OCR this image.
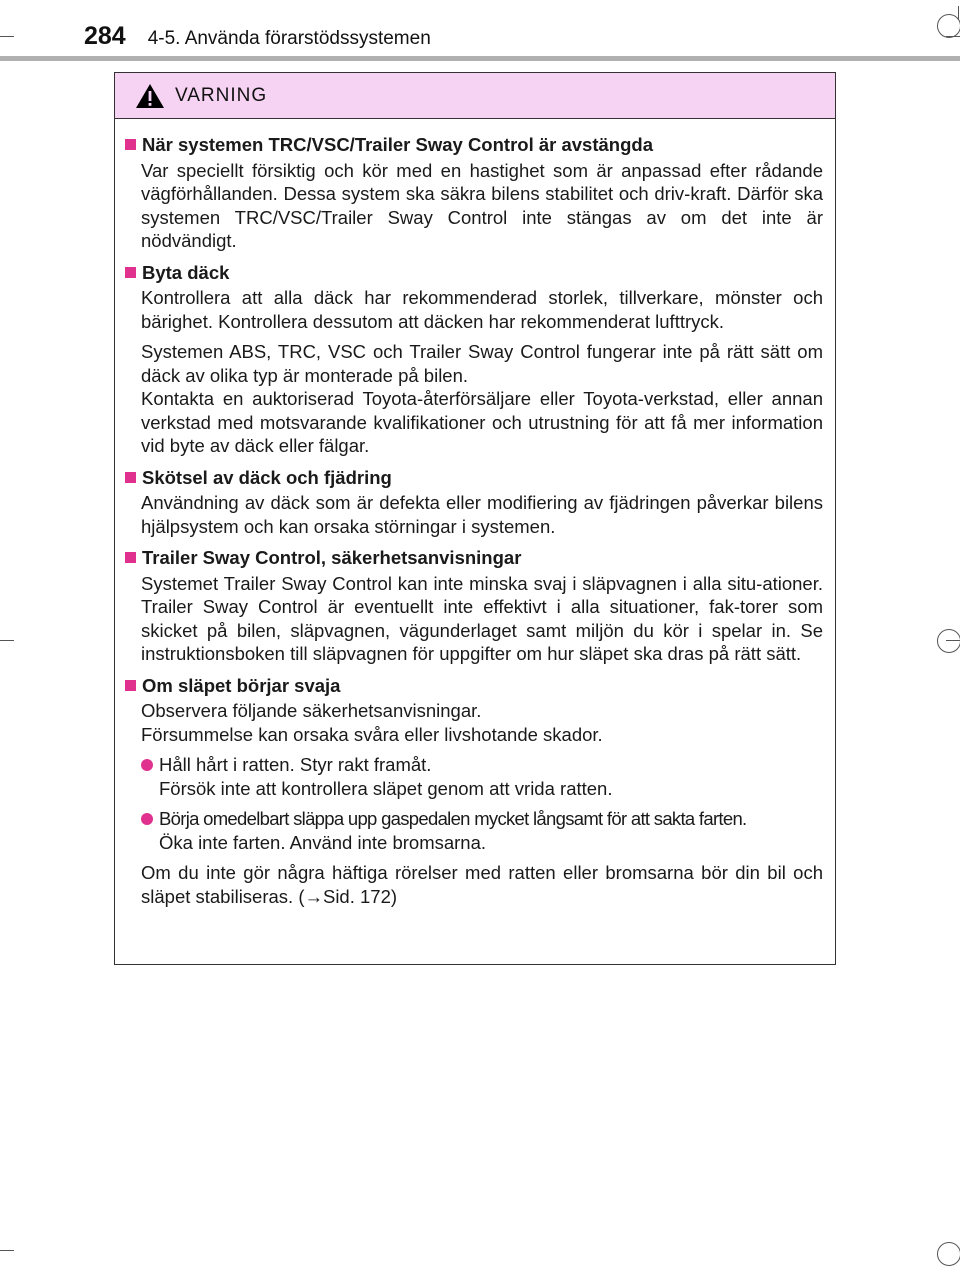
284 4-5. Använda förarstödssystemen
VARNING
När systemen TRC/VSC/Trailer Sway Control är avstängda

Var speciellt försiktig och kör med en hastighet som är anpassad efter rådande vägförhållanden. Dessa system ska säkra bilens stabilitet och driv-kraft. Därför ska systemen TRC/VSC/Trailer Sway Control inte stängas av om det inte är nödvändigt.

Byta däck

Kontrollera att alla däck har rekommenderad storlek, tillverkare, mönster och bärighet. Kontrollera dessutom att däcken har rekommenderat lufttryck.

Systemen ABS, TRC, VSC och Trailer Sway Control fungerar inte på rätt sätt om däck av olika typ är monterade på bilen.

Kontakta en auktoriserad Toyota-återförsäljare eller Toyota-verkstad, eller annan verkstad med motsvarande kvalifikationer och utrustning för att få mer information vid byte av däck eller fälgar.

Skötsel av däck och fjädring

Användning av däck som är defekta eller modifiering av fjädringen påverkar bilens hjälpsystem och kan orsaka störningar i systemen.

Trailer Sway Control, säkerhetsanvisningar

Systemet Trailer Sway Control kan inte minska svaj i släpvagnen i alla situ-ationer. Trailer Sway Control är eventuellt inte effektivt i alla situationer, fak-torer som skicket på bilen, släpvagnen, vägunderlaget samt miljön du kör i spelar in. Se instruktionsboken till släpvagnen för uppgifter om hur släpet ska dras på rätt sätt.

Om släpet börjar svaja
Observera följande säkerhetsanvisningar.
Försummelse kan orsaka svåra eller livshotande skador.
Håll hårt i ratten. Styr rakt framåt.
Försök inte att kontrollera släpet genom att vrida ratten.
Börja omedelbart släppa upp gaspedalen mycket långsamt för att sakta farten.
Öka inte farten. Använd inte bromsarna.

Om du inte gör några häftiga rörelser med ratten eller bromsarna bör din bil och släpet stabiliseras. (→Sid. 172)
